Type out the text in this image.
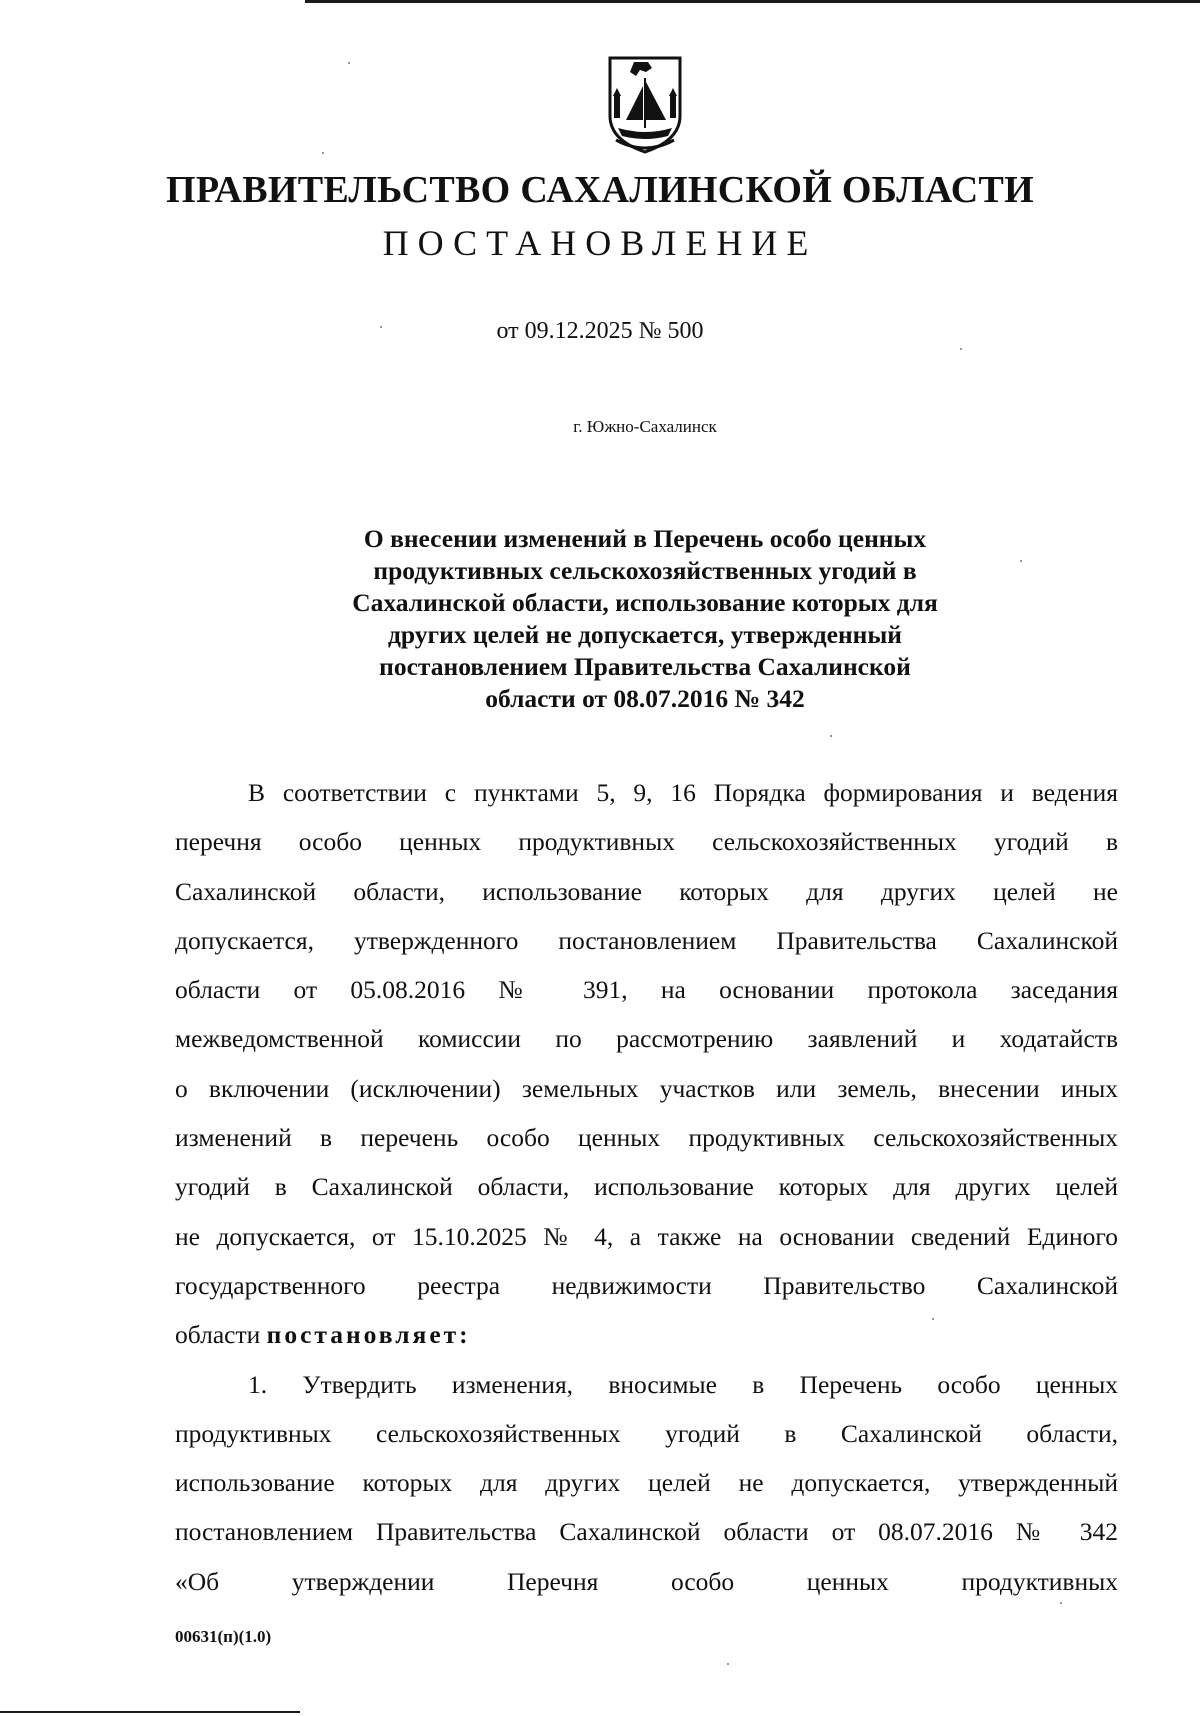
ПРАВИТЕЛЬСТВО САХАЛИНСКОЙ ОБЛАСТИ
ПОСТАНОВЛЕНИЕ
от 09.12.2025 № 500
г. Южно-Сахалинск
О внесении изменений в Перечень особо ценных
продуктивных сельскохозяйственных угодий в
Сахалинской области, использование которых для
других целей не допускается, утвержденный
постановлением Правительства Сахалинской
области от 08.07.2016 № 342
В соответствии с пунктами 5, 9, 16 Порядка формирования и ведения
перечня особо ценных продуктивных сельскохозяйственных угодий в
Сахалинской области, использование которых для других целей не
допускается, утвержденного постановлением Правительства Сахалинской
области от 05.08.2016 № 391, на основании протокола заседания
межведомственной комиссии по рассмотрению заявлений и ходатайств
о включении (исключении) земельных участков или земель, внесении иных
изменений в перечень особо ценных продуктивных сельскохозяйственных
угодий в Сахалинской области, использование которых для других целей
не допускается, от 15.10.2025 № 4, а также на основании сведений Единого
государственного реестра недвижимости Правительство Сахалинской
области постановляет:
1. Утвердить изменения, вносимые в Перечень особо ценных
продуктивных сельскохозяйственных угодий в Сахалинской области,
использование которых для других целей не допускается, утвержденный
постановлением Правительства Сахалинской области от 08.07.2016 № 342
«Об утверждении Перечня особо ценных продуктивных
00631(п)(1.0)
